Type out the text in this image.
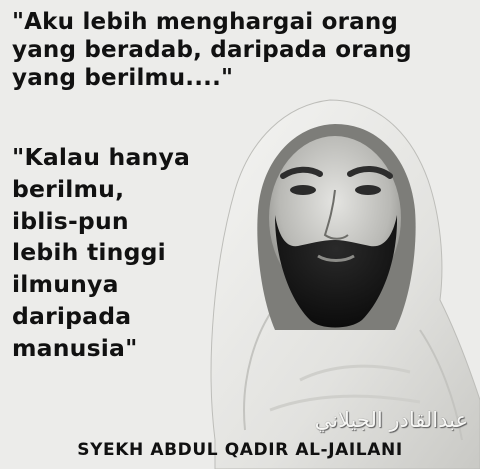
"Aku lebih menghargai orang
yang beradab, daripada orang
yang berilmu...."
"Kalau hanya
berilmu,
iblis-pun
lebih tinggi
ilmunya
daripada
manusia"
عبدالقادر الجيلاني
SYEKH ABDUL QADIR AL-JAILANI
